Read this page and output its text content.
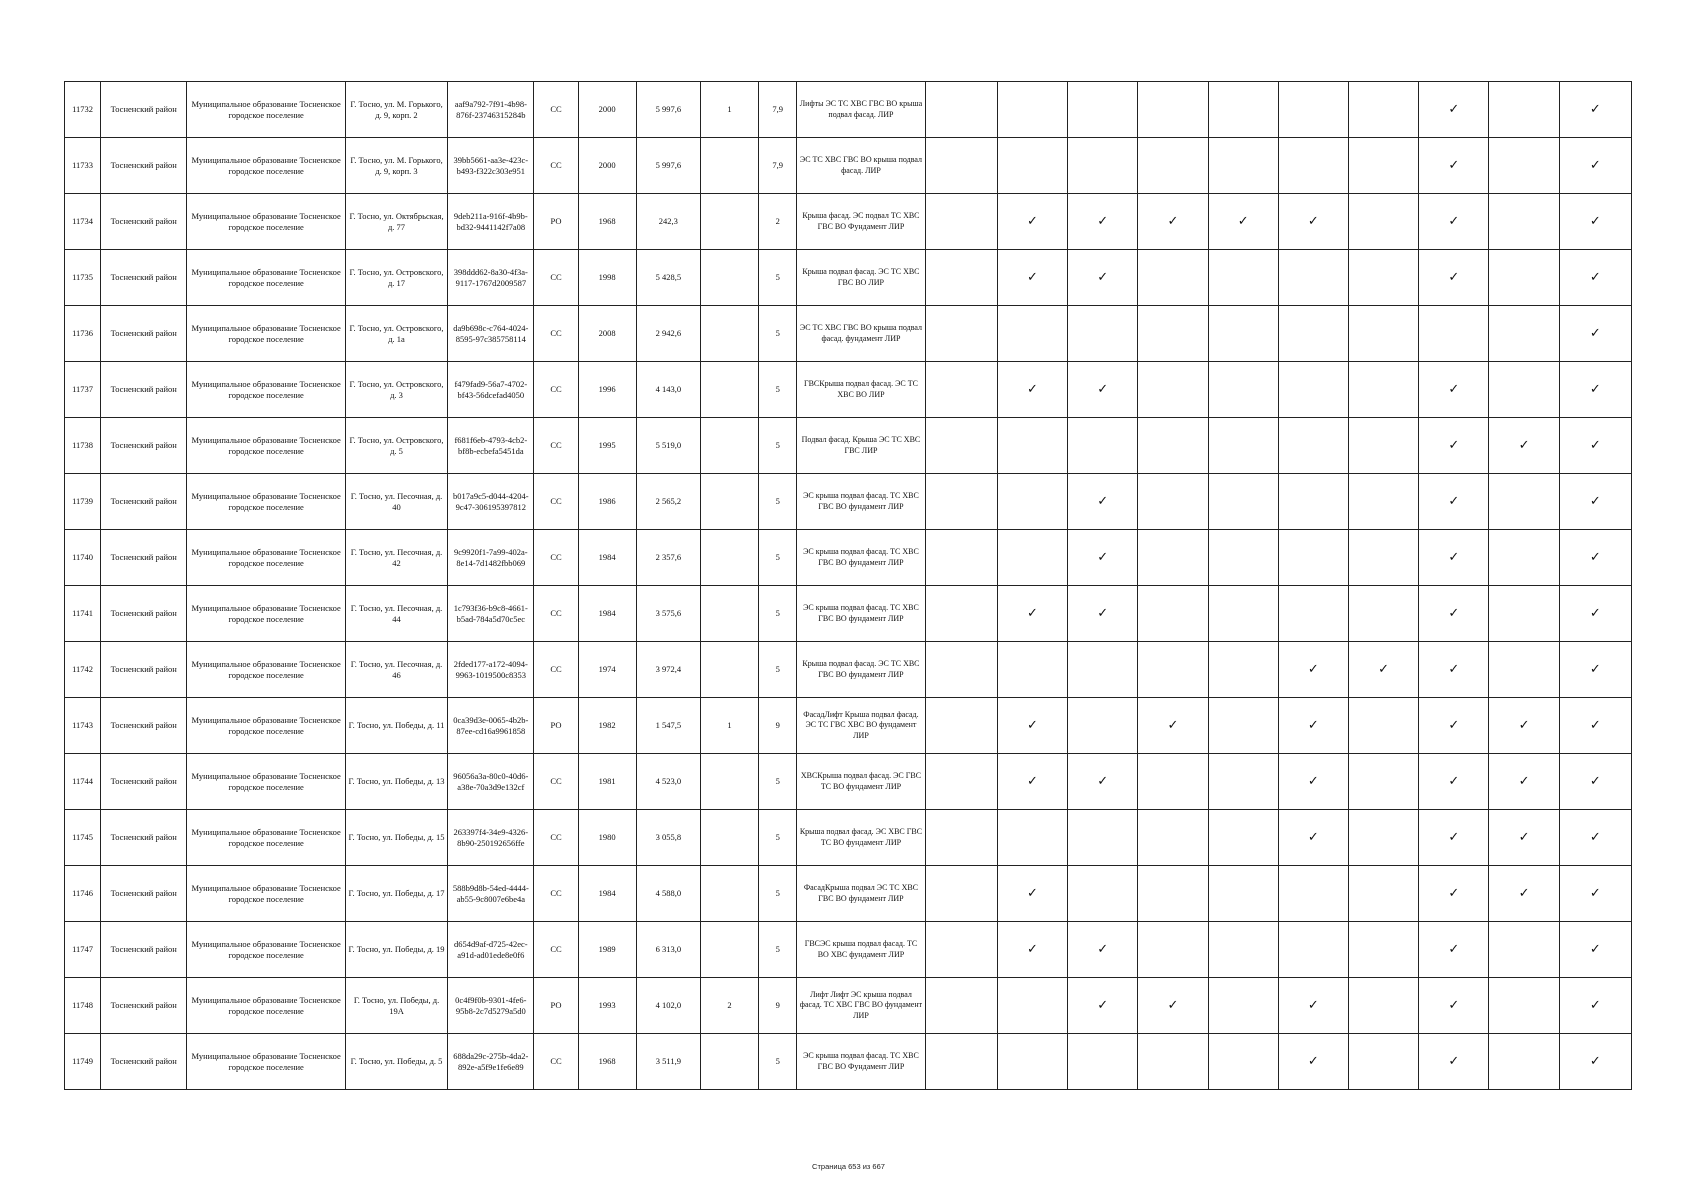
11732	Тосненский район	Муниципальное образование Тосненское городское поселение	Г. Тосно, ул. М. Горького, д. 9, корп. 2	aaf9a792-7f91-4b98-876f-23746315284b	СС	2000	5 997,6	1	7,9	Лифты ЭС ТС ХВС ГВС ВО крыша подвал фасад. ЛИР								✓		✓
11733	Тосненский район	Муниципальное образование Тосненское городское поселение	Г. Тосно, ул. М. Горького, д. 9, корп. 3	39bb5661-aa3e-423c-b493-f322c303e951	СС	2000	5 997,6		7,9	ЭС ТС ХВС ГВС ВО крыша подвал фасад. ЛИР								✓		✓
11734	Тосненский район	Муниципальное образование Тосненское городское поселение	Г. Тосно, ул. Октябрьская, д. 77	9deb211a-916f-4b9b-bd32-9441142f7a08	РО	1968	242,3		2	Крыша фасад. ЭС подвал ТС ХВС ГВС ВО Фундамент ЛИР		✓	✓	✓	✓	✓		✓		✓
11735	Тосненский район	Муниципальное образование Тосненское городское поселение	Г. Тосно, ул. Островского, д. 17	398ddd62-8a30-4f3a-9117-1767d2009587	СС	1998	5 428,5		5	Крыша подвал фасад. ЭС ТС ХВС ГВС ВО ЛИР		✓	✓					✓		✓
11736	Тосненский район	Муниципальное образование Тосненское городское поселение	Г. Тосно, ул. Островского, д. 1а	da9b698c-c764-4024-8595-97c385758114	СС	2008	2 942,6		5	ЭС ТС ХВС ГВС ВО крыша подвал фасад. фундамент ЛИР										✓
11737	Тосненский район	Муниципальное образование Тосненское городское поселение	Г. Тосно, ул. Островского, д. 3	f479fad9-56a7-4702-bf43-56dcefad4050	СС	1996	4 143,0		5	ГВСКрыша подвал фасад. ЭС ТС ХВС ВО ЛИР		✓	✓					✓		✓
11738	Тосненский район	Муниципальное образование Тосненское городское поселение	Г. Тосно, ул. Островского, д. 5	f681f6eb-4793-4cb2-bf8b-ecbefa5451da	СС	1995	5 519,0		5	Подвал фасад. Крыша ЭС ТС ХВС ГВС ЛИР								✓	✓	✓
11739	Тосненский район	Муниципальное образование Тосненское городское поселение	Г. Тосно, ул. Песочная, д. 40	b017a9c5-d044-4204-9c47-306195397812	СС	1986	2 565,2		5	ЭС крыша подвал фасад. ТС ХВС ГВС ВО фундамент ЛИР			✓					✓		✓
11740	Тосненский район	Муниципальное образование Тосненское городское поселение	Г. Тосно, ул. Песочная, д. 42	9c9920f1-7a99-402a-8e14-7d1482fbb069	СС	1984	2 357,6		5	ЭС крыша подвал фасад. ТС ХВС ГВС ВО фундамент ЛИР			✓					✓		✓
11741	Тосненский район	Муниципальное образование Тосненское городское поселение	Г. Тосно, ул. Песочная, д. 44	1c793f36-b9c8-4661-b5ad-784a5d70c5ec	СС	1984	3 575,6		5	ЭС крыша подвал фасад. ТС ХВС ГВС ВО фундамент ЛИР		✓	✓					✓		✓
11742	Тосненский район	Муниципальное образование Тосненское городское поселение	Г. Тосно, ул. Песочная, д. 46	2fded177-a172-4094-9963-1019500c8353	СС	1974	3 972,4		5	Крыша подвал фасад. ЭС ТС ХВС ГВС ВО фундамент ЛИР						✓	✓	✓		✓
11743	Тосненский район	Муниципальное образование Тосненское городское поселение	Г. Тосно, ул. Победы, д. 11	0ca39d3e-0065-4b2b-87ee-cd16a9961858	РО	1982	1 547,5	1	9	ФасадЛифт Крыша подвал фасад. ЭС ТС ГВС ХВС ВО фундамент ЛИР		✓		✓		✓		✓	✓	✓
11744	Тосненский район	Муниципальное образование Тосненское городское поселение	Г. Тосно, ул. Победы, д. 13	96056a3a-80c0-40d6-a38e-70a3d9e132cf	СС	1981	4 523,0		5	ХВСКрыша подвал фасад. ЭС ГВС ТС ВО фундамент ЛИР		✓	✓			✓		✓	✓	✓
11745	Тосненский район	Муниципальное образование Тосненское городское поселение	Г. Тосно, ул. Победы, д. 15	263397f4-34e9-4326-8b90-250192656ffe	СС	1980	3 055,8		5	Крыша подвал фасад. ЭС ХВС ГВС ТС ВО фундамент ЛИР						✓		✓	✓	✓
11746	Тосненский район	Муниципальное образование Тосненское городское поселение	Г. Тосно, ул. Победы, д. 17	588b9d8b-54ed-4444-ab55-9c8007e6be4a	СС	1984	4 588,0		5	ФасадКрыша подвал ЭС ТС ХВС ГВС ВО фундамент ЛИР		✓						✓	✓	✓
11747	Тосненский район	Муниципальное образование Тосненское городское поселение	Г. Тосно, ул. Победы, д. 19	d654d9af-d725-42ec-a91d-ad01ede8e0f6	СС	1989	6 313,0		5	ГВСЭС крыша подвал фасад. ТС ВО ХВС фундамент ЛИР		✓	✓					✓		✓
11748	Тосненский район	Муниципальное образование Тосненское городское поселение	Г. Тосно, ул. Победы, д. 19А	0c4f9f0b-9301-4fe6-95b8-2c7d5279a5d0	РО	1993	4 102,0	2	9	Лифт Лифт ЭС крыша подвал фасад. ТС ХВС ГВС ВО фундамент ЛИР			✓	✓		✓		✓		✓
11749	Тосненский район	Муниципальное образование Тосненское городское поселение	Г. Тосно, ул. Победы, д. 5	688da29c-275b-4da2-892e-a5f9e1fe6e89	СС	1968	3 511,9		5	ЭС крыша подвал фасад. ТС ХВС ГВС ВО Фундамент ЛИР						✓		✓		✓
Страница 653 из 667
